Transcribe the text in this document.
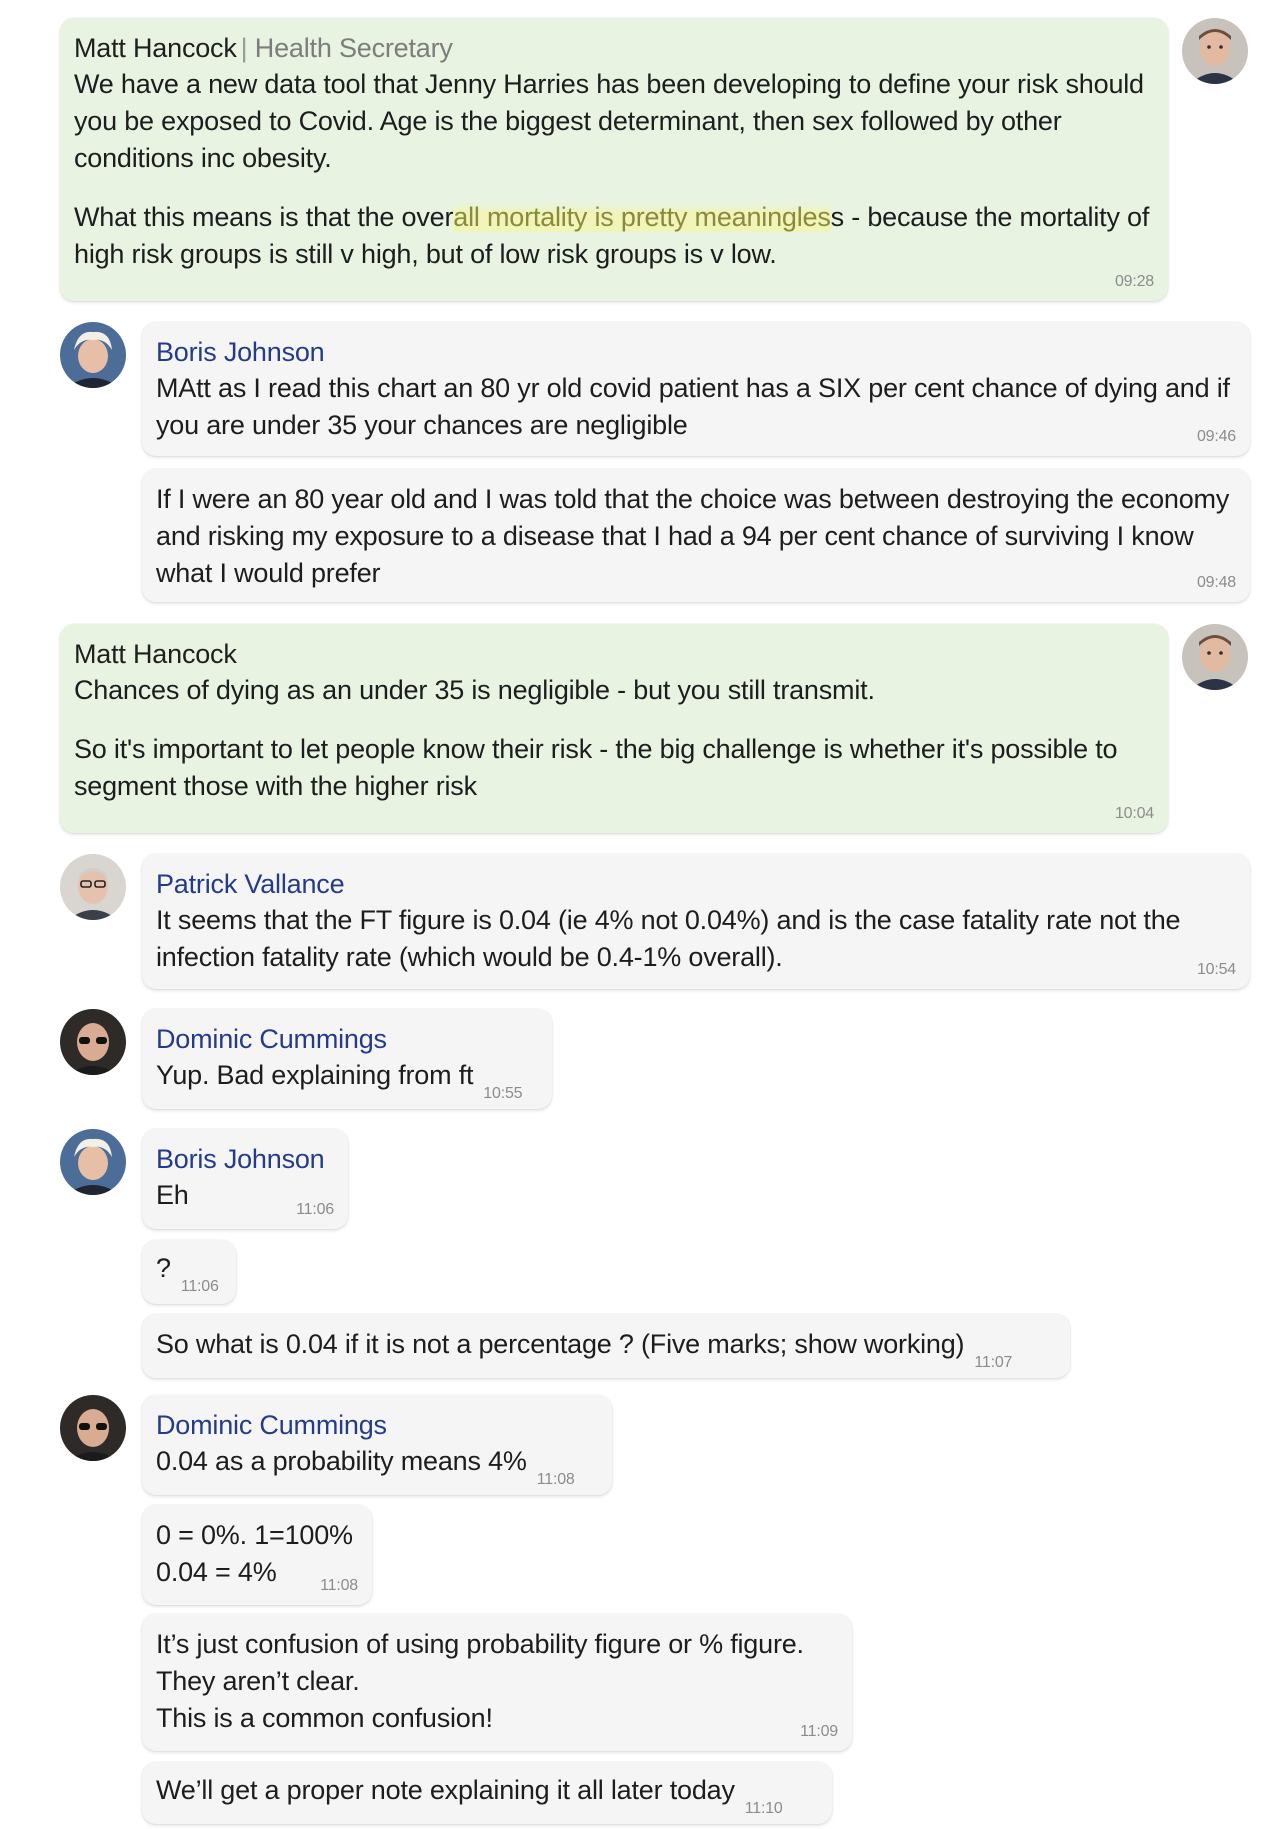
Matt Hancock| Health Secretary
We have a new data tool that Jenny Harries has been developing to define your risk should you be exposed to Covid. Age is the biggest determinant, then sex followed by other conditions inc obesity.
What this means is that the overall mortality is pretty meaningless - because the mortality of high risk groups is still v high, but of low risk groups is v low.
09:28
Boris Johnson
MAtt as I read this chart an 80 yr old covid patient has a SIX per cent chance of dying and if you are under 35 your chances are negligible	09:46
If I were an 80 year old and I was told that the choice was between destroying the economy and risking my exposure to a disease that I had a 94 per cent chance of surviving I know what I would prefer	09:48
Matt Hancock
Chances of dying as an under 35 is negligible - but you still transmit.
So it's important to let people know their risk - the big challenge is whether it's possible to segment those with the higher risk
10:04
Patrick Vallance
It seems that the FT figure is 0.04 (ie 4% not 0.04%) and is the case fatality rate not the infection fatality rate (which would be 0.4-1% overall).	10:54
Dominic Cummings
Yup. Bad explaining from ft10:55
Boris Johnson
Eh	11:06
?11:06
So what is 0.04 if it is not a percentage ? (Five marks; show working)11:07
Dominic Cummings
0.04 as a probability means 4%11:08
0 = 0%. 1=100%
0.04 = 4%	11:08
It’s just confusion of using probability figure or % figure.
They aren’t clear.
This is a common confusion!	11:09
We’ll get a proper note explaining it all later today11:10
